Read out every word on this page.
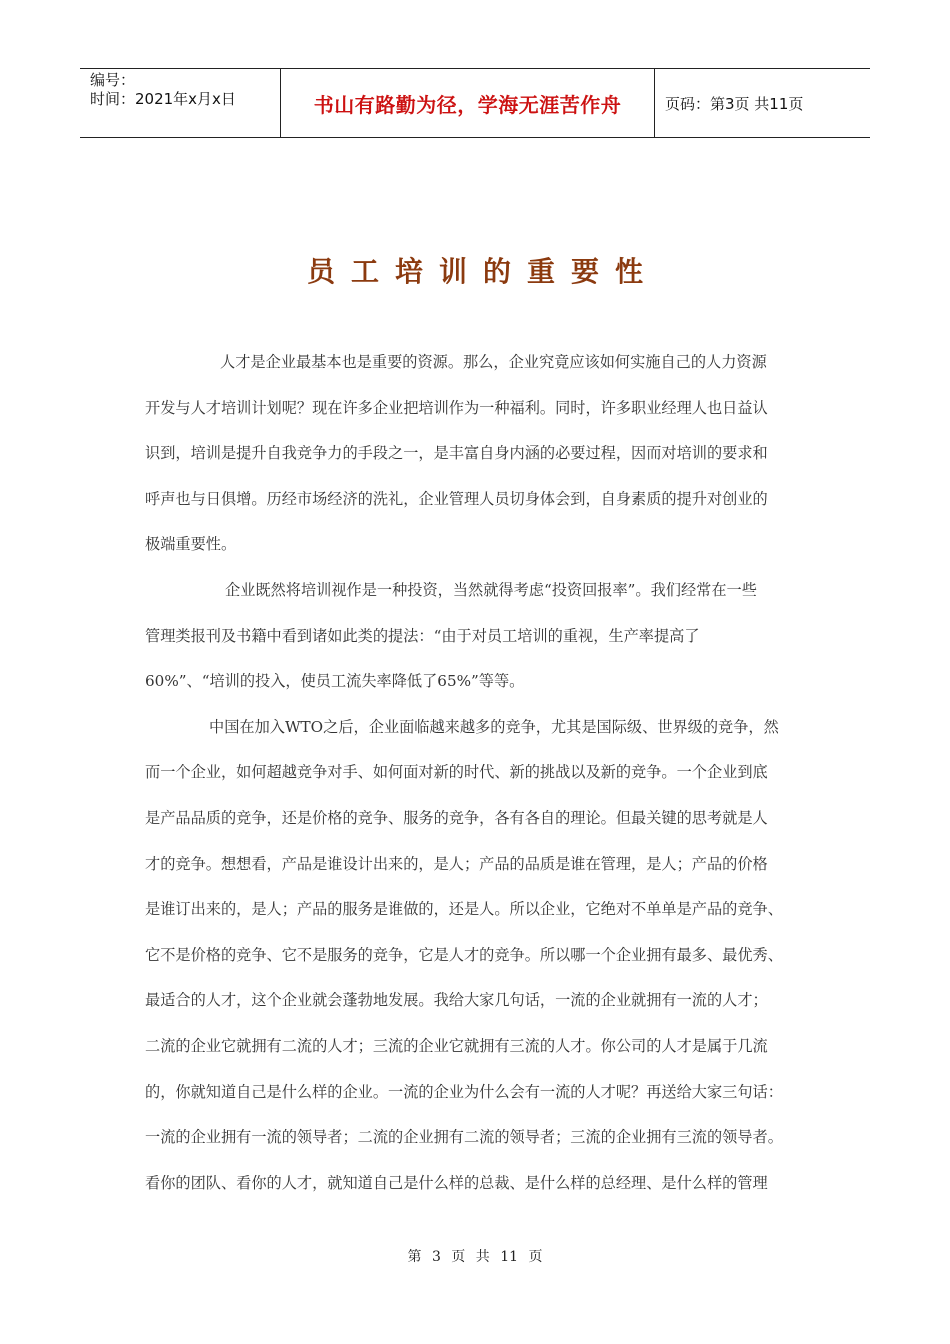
编号：
时间：2021年x月x日	书山有路勤为径，学海无涯苦作舟	页码：第3页 共11页
员工培训的重要性
人才是企业最基本也是重要的资源。那么，企业究竟应该如何实施自己的人力资源
开发与人才培训计划呢？现在许多企业把培训作为一种福利。同时，许多职业经理人也日益认
识到，培训是提升自我竞争力的手段之一，是丰富自身内涵的必要过程，因而对培训的要求和
呼声也与日俱增。历经市场经济的洗礼，企业管理人员切身体会到，自身素质的提升对创业的
极端重要性。
企业既然将培训视作是一种投资，当然就得考虑“投资回报率”。我们经常在一些
管理类报刊及书籍中看到诸如此类的提法：“由于对员工培训的重视，生产率提高了
60%”、“培训的投入，使员工流失率降低了65%”等等。
中国在加入WTO之后，企业面临越来越多的竞争，尤其是国际级、世界级的竞争，然
而一个企业，如何超越竞争对手、如何面对新的时代、新的挑战以及新的竞争。一个企业到底
是产品品质的竞争，还是价格的竞争、服务的竞争，各有各自的理论。但最关键的思考就是人
才的竞争。想想看，产品是谁设计出来的，是人；产品的品质是谁在管理，是人；产品的价格
是谁订出来的，是人；产品的服务是谁做的，还是人。所以企业，它绝对不单单是产品的竞争、
它不是价格的竞争、它不是服务的竞争，它是人才的竞争。所以哪一个企业拥有最多、最优秀、
最适合的人才，这个企业就会蓬勃地发展。我给大家几句话，一流的企业就拥有一流的人才；
二流的企业它就拥有二流的人才；三流的企业它就拥有三流的人才。你公司的人才是属于几流
的，你就知道自己是什么样的企业。一流的企业为什么会有一流的人才呢？再送给大家三句话：
一流的企业拥有一流的领导者；二流的企业拥有二流的领导者；三流的企业拥有三流的领导者。
看你的团队、看你的人才，就知道自己是什么样的总裁、是什么样的总经理、是什么样的管理
第 3 页 共 11 页
